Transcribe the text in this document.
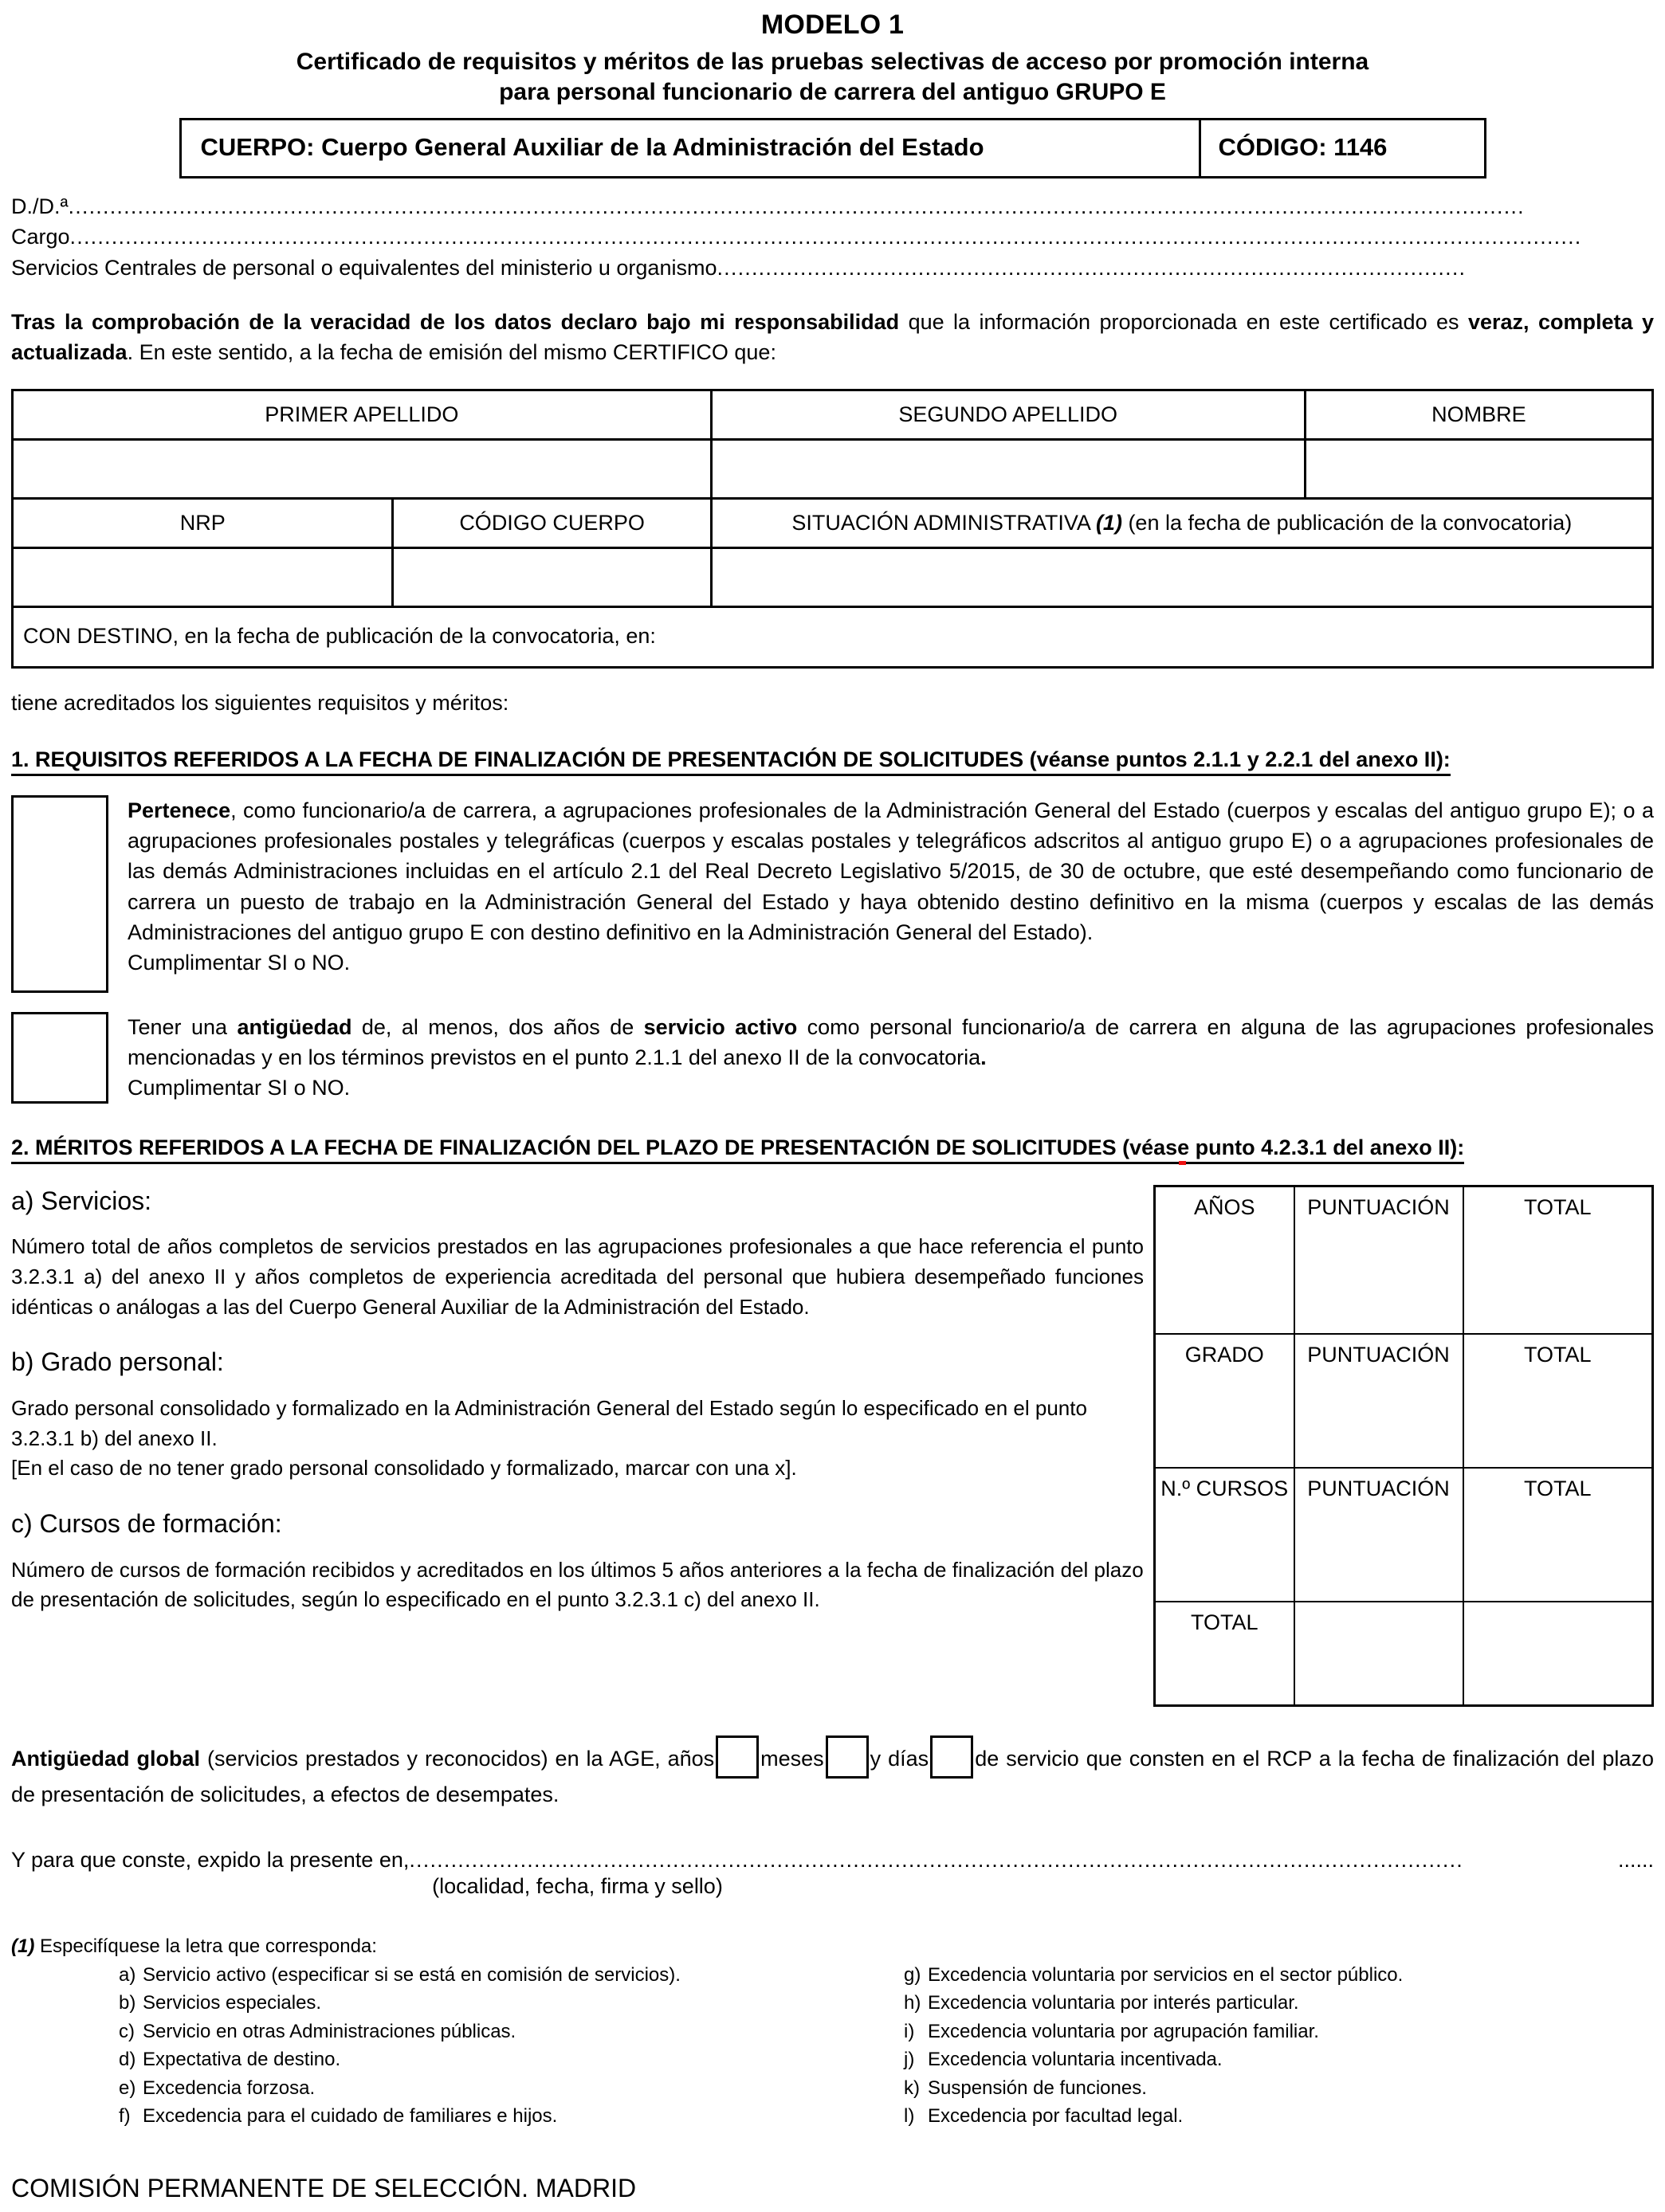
MODELO 1
Certificado de requisitos y méritos de las pruebas selectivas de acceso por promoción interna
para personal funcionario de carrera del antiguo GRUPO E
CUERPO: Cuerpo General Auxiliar de la Administración del Estado	CÓDIGO: 1146
D./D.ª ..................................................................................................................................................................................................................
Cargo ..........................................................................................................................................................................................................................
Servicios Centrales de personal o equivalentes del ministerio u organismo ............................................................................................................
Tras la comprobación de la veracidad de los datos declaro bajo mi responsabilidad que la información proporcionada en este certificado es veraz, completa y actualizada. En este sentido, a la fecha de emisión del mismo CERTIFICO que:
PRIMER APELLIDO		SEGUNDO APELLIDO	NOMBRE

NRP	CÓDIGO CUERPO	SITUACIÓN ADMINISTRATIVA (1) (en la fecha de publicación de la convocatoria)	

CON DESTINO, en la fecha de publicación de la convocatoria, en:			
tiene acreditados los siguientes requisitos y méritos:
1. REQUISITOS REFERIDOS A LA FECHA DE FINALIZACIÓN DE PRESENTACIÓN DE SOLICITUDES (véanse puntos 2.1.1 y 2.2.1 del anexo II):
Pertenece, como funcionario/a de carrera, a agrupaciones profesionales de la Administración General del Estado (cuerpos y escalas del antiguo grupo E); o a agrupaciones profesionales postales y telegráficas (cuerpos y escalas postales y telegráficos adscritos al antiguo grupo E) o a agrupaciones profesionales de las demás Administraciones incluidas en el artículo 2.1 del Real Decreto Legislativo 5/2015, de 30 de octubre, que esté desempeñando como funcionario de carrera un puesto de trabajo en la Administración General del Estado y haya obtenido destino definitivo en la misma (cuerpos y escalas de las demás Administraciones del antiguo grupo E con destino definitivo en la Administración General del Estado).
Cumplimentar SI o NO.
Tener una antigüedad de, al menos, dos años de servicio activo como personal funcionario/a de carrera en alguna de las agrupaciones profesionales mencionadas y en los términos previstos en el punto 2.1.1 del anexo II de la convocatoria.
Cumplimentar SI o NO.
2. MÉRITOS REFERIDOS A LA FECHA DE FINALIZACIÓN DEL PLAZO DE PRESENTACIÓN DE SOLICITUDES (véase punto 4.2.3.1
del anexo II):
a) Servicios:
Número total de años completos de servicios prestados en las agrupaciones profesionales a que hace referencia el punto 3.2.3.1 a) del anexo II y años completos de experiencia acreditada del personal que hubiera desempeñado funciones idénticas o análogas a las del Cuerpo General Auxiliar de la Administración del Estado.
b) Grado personal:
Grado personal consolidado y formalizado en la Administración General del Estado según lo especificado en el punto 3.2.3.1 b) del anexo II.
[En el caso de no tener grado personal consolidado y formalizado, marcar con una x].
c) Cursos de formación:
Número de cursos de formación recibidos y acreditados en los últimos 5 años anteriores a la fecha de finalización del plazo de presentación de solicitudes, según lo especificado en el punto 3.2.3.1 c) del anexo II.
AÑOS	PUNTUACIÓN	TOTAL
GRADO	PUNTUACIÓN	TOTAL
N.º CURSOS	PUNTUACIÓN	TOTAL
TOTAL		
Antigüedad global (servicios prestados y reconocidos) en la AGE, años meses y días de servicio que consten en el RCP a la fecha de finalización del plazo de presentación de solicitudes, a efectos de desempates.
Y para que conste, expido la presente en, ........................................................................................................................................................	......
(localidad, fecha, firma y sello)
(1) Especifíquese la letra que corresponda:
a) Servicio activo (especificar si se está en comisión de servicios).
b) Servicios especiales.
c) Servicio en otras Administraciones públicas.
d) Expectativa de destino.
e) Excedencia forzosa.
f) Excedencia para el cuidado de familiares e hijos.
g) Excedencia voluntaria por servicios en el sector público.
h) Excedencia voluntaria por interés particular.
i) Excedencia voluntaria por agrupación familiar.
j) Excedencia voluntaria incentivada.
k) Suspensión de funciones.
l) Excedencia por facultad legal.
COMISIÓN PERMANENTE DE SELECCIÓN. MADRID
